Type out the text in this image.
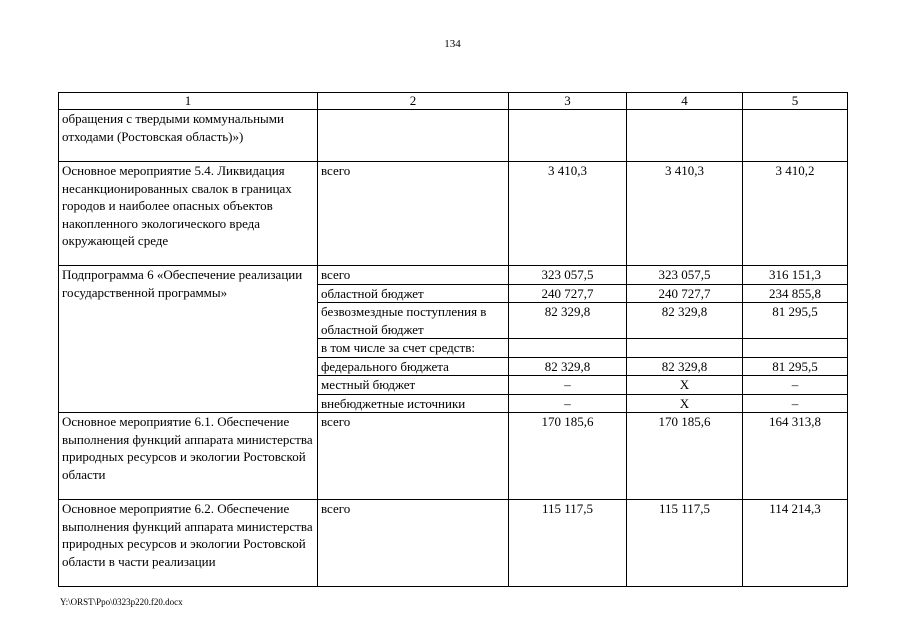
134
1	2	3	4	5
обращения с твердыми коммунальными отходами (Ростовская область)»)				
Основное мероприятие 5.4. Ликвидация несанкционированных свалок в границах городов и наиболее опасных объектов накопленного экологического вреда окружающей среде	всего	3 410,3	3 410,3	3 410,2
Подпрограмма 6 «Обеспечение реализации государственной программы»	всего	323 057,5	323 057,5	316 151,3
	областной бюджет	240 727,7	240 727,7	234 855,8
	безвозмездные поступления в областной бюджет	82 329,8	82 329,8	81 295,5
	в том числе за счет средств:			
	федерального бюджета	82 329,8	82 329,8	81 295,5
	местный бюджет	–	Х	–
	внебюджетные источники	–	Х	–
Основное мероприятие 6.1. Обеспечение выполнения функций аппарата министерства природных ресурсов и экологии Ростовской области	всего	170 185,6	170 185,6	164 313,8
Основное мероприятие 6.2. Обеспечение выполнения функций аппарата министерства природных ресурсов и экологии Ростовской области в части реализации	всего	115 117,5	115 117,5	114 214,3
Y:\ORST\Ppo\0323p220.f20.docx
